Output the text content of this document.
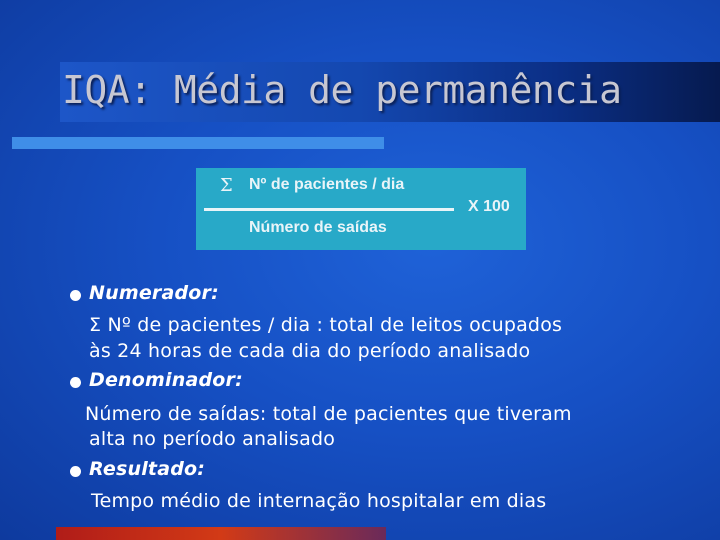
IQA: Média de permanência
Σ Nº de pacientes / dia
X 100
Número de saídas
Numerador:
Σ Nº de pacientes / dia : total de leitos ocupados
às 24 horas de cada dia do período analisado
Denominador:
Número de saídas: total de pacientes que tiveram
alta no período analisado
Resultado:
Tempo médio de internação hospitalar em dias
